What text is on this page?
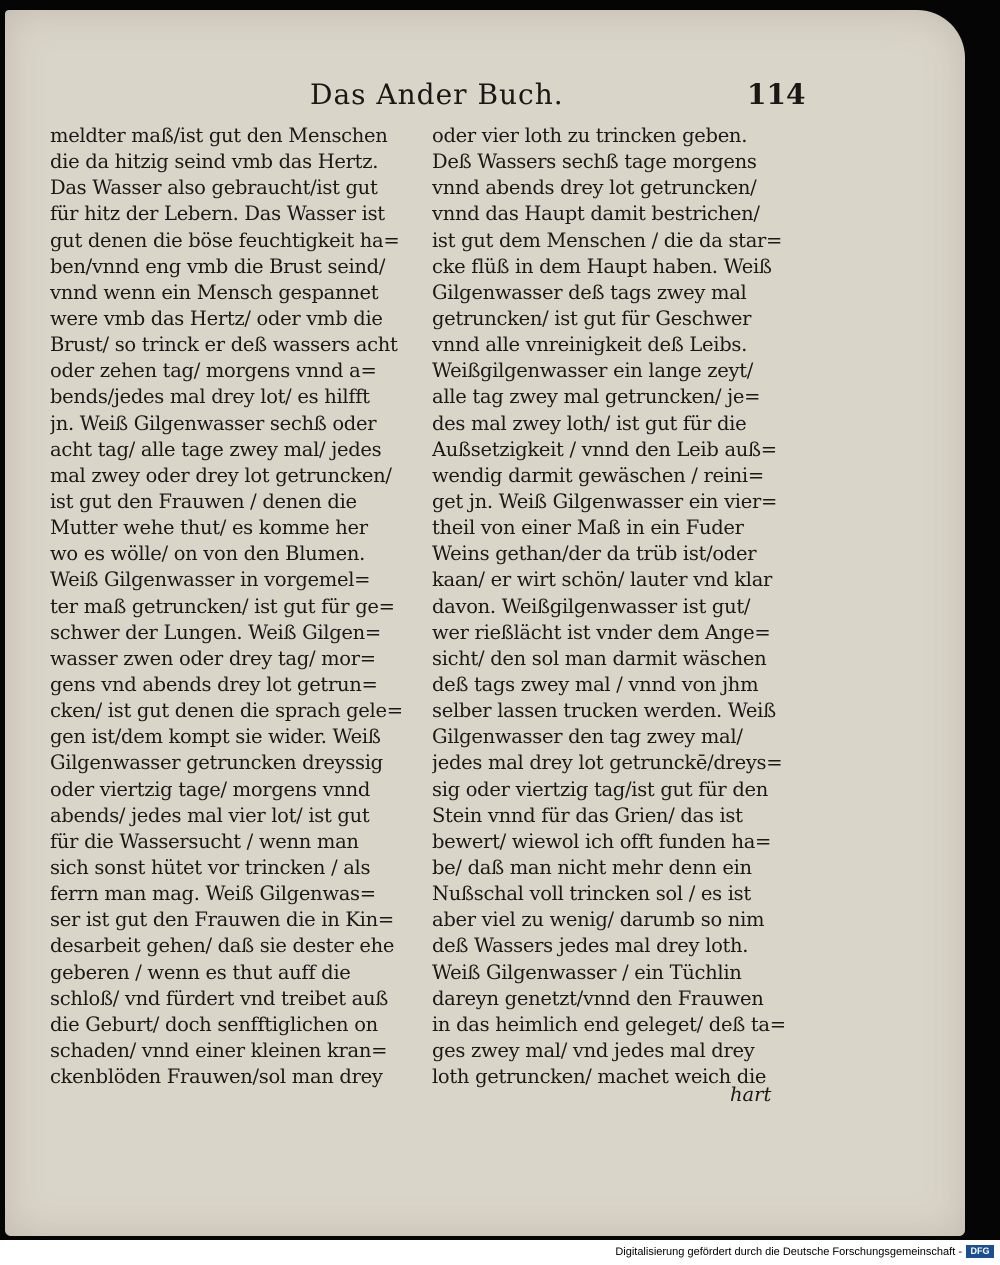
Das Ander Buch.	114
meldter maß/ist gut den Menschen
die da hitzig seind vmb das Hertz.
Das Wasser also gebraucht/ist gut
für hitz der Lebern. Das Wasser ist
gut denen die böse feuchtigkeit ha=
ben/vnnd eng vmb die Brust seind/
vnnd wenn ein Mensch gespannet
were vmb das Hertz/ oder vmb die
Brust/ so trinck er deß wassers acht
oder zehen tag/ morgens vnnd a=
bends/jedes mal drey lot/ es hilfft
jn. Weiß Gilgenwasser sechß oder
acht tag/ alle tage zwey mal/ jedes
mal zwey oder drey lot getruncken/
ist gut den Frauwen / denen die
Mutter wehe thut/ es komme her
wo es wölle/ on von den Blumen.
Weiß Gilgenwasser in vorgemel=
ter maß getruncken/ ist gut für ge=
schwer der Lungen. Weiß Gilgen=
wasser zwen oder drey tag/ mor=
gens vnd abends drey lot getrun=
cken/ ist gut denen die sprach gele=
gen ist/dem kompt sie wider. Weiß
Gilgenwasser getruncken dreyssig
oder viertzig tage/ morgens vnnd
abends/ jedes mal vier lot/ ist gut
für die Wassersucht / wenn man
sich sonst hütet vor trincken / als
ferrn man mag. Weiß Gilgenwas=
ser ist gut den Frauwen die in Kin=
desarbeit gehen/ daß sie dester ehe
geberen / wenn es thut auff die
schloß/ vnd fürdert vnd treibet auß
die Geburt/ doch senfftiglichen on
schaden/ vnnd einer kleinen kran=
ckenblöden Frauwen/sol man drey
oder vier loth zu trincken geben.
Deß Wassers sechß tage morgens
vnnd abends drey lot getruncken/
vnnd das Haupt damit bestrichen/
ist gut dem Menschen / die da star=
cke flüß in dem Haupt haben. Weiß
Gilgenwasser deß tags zwey mal
getruncken/ ist gut für Geschwer
vnnd alle vnreinigkeit deß Leibs.
Weißgilgenwasser ein lange zeyt/
alle tag zwey mal getruncken/ je=
des mal zwey loth/ ist gut für die
Außsetzigkeit / vnnd den Leib auß=
wendig darmit gewäschen / reini=
get jn. Weiß Gilgenwasser ein vier=
theil von einer Maß in ein Fuder
Weins gethan/der da trüb ist/oder
kaan/ er wirt schön/ lauter vnd klar
davon. Weißgilgenwasser ist gut/
wer rießlächt ist vnder dem Ange=
sicht/ den sol man darmit wäschen
deß tags zwey mal / vnnd von jhm
selber lassen trucken werden. Weiß
Gilgenwasser den tag zwey mal/
jedes mal drey lot getrunckē/dreys=
sig oder viertzig tag/ist gut für den
Stein vnnd für das Grien/ das ist
bewert/ wiewol ich offt funden ha=
be/ daß man nicht mehr denn ein
Nußschal voll trincken sol / es ist
aber viel zu wenig/ darumb so nim
deß Wassers jedes mal drey loth.
Weiß Gilgenwasser / ein Tüchlin
dareyn genetzt/vnnd den Frauwen
in das heimlich end geleget/ deß ta=
ges zwey mal/ vnd jedes mal drey
loth getruncken/ machet weich die
hart
Digitalisierung gefördert durch die Deutsche Forschungsgemeinschaft - DFG
